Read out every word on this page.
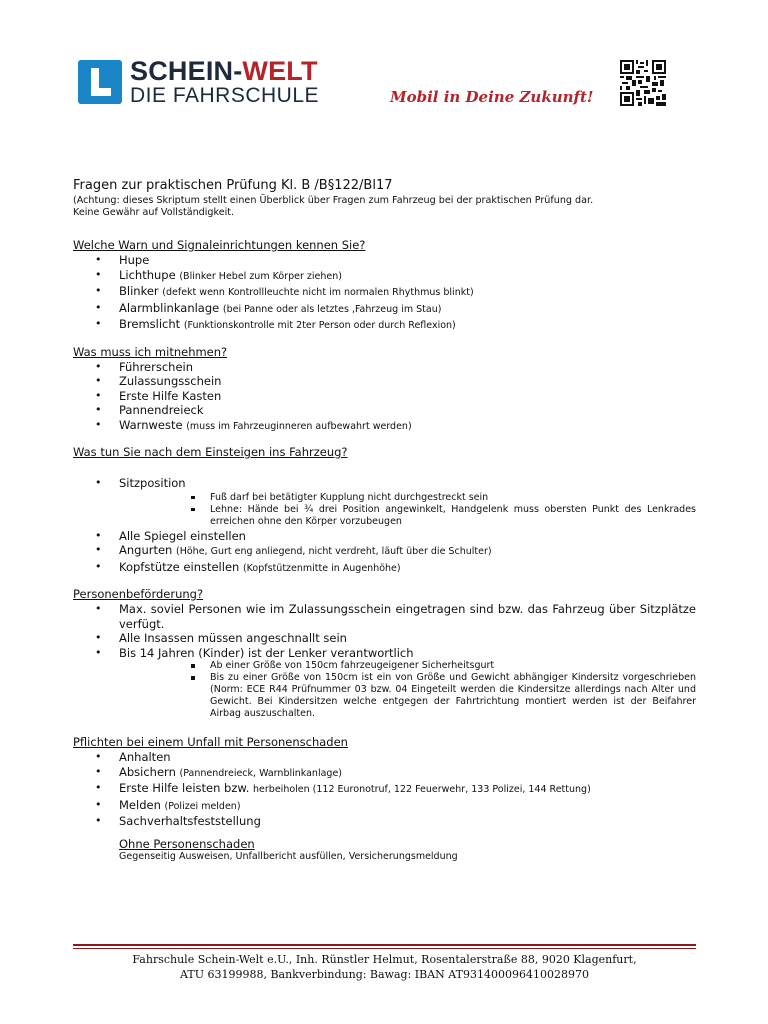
SCHEIN-WELT
DIE FAHRSCHULE	Mobil in Deine Zukunft!

Fragen zur praktischen Prüfung Kl. B /B§122/Bl17

(Achtung: dieses Skriptum stellt einen Überblick über Fragen zum Fahrzeug bei der praktischen Prüfung dar.
Keine Gewähr auf Vollständigkeit.

Welche Warn und Signaleinrichtungen kennen Sie?

• Hupe
• Lichthupe (Blinker Hebel zum Körper ziehen)
• Blinker (defekt wenn Kontrollleuchte nicht im normalen Rhythmus blinkt)
• Alarmblinkanlage (bei Panne oder als letztes ,Fahrzeug im Stau)
• Bremslicht (Funktionskontrolle mit 2ter Person oder durch Reflexion)

Was muss ich mitnehmen?

• Führerschein
• Zulassungsschein
• Erste Hilfe Kasten
• Pannendreieck
• Warnweste (muss im Fahrzeuginneren aufbewahrt werden)

Was tun Sie nach dem Einsteigen ins Fahrzeug?

• Sitzposition
Fuß darf bei betätigter Kupplung nicht durchgestreckt sein
Lehne: Hände bei ¾ drei Position angewinkelt, Handgelenk muss obersten Punkt des Lenkrades erreichen ohne den Körper vorzubeugen
• Alle Spiegel einstellen
• Angurten (Höhe, Gurt eng anliegend, nicht verdreht, läuft über die Schulter)
• Kopfstütze einstellen (Kopfstützenmitte in Augenhöhe)

Personenbeförderung?

• Max. soviel Personen wie im Zulassungsschein eingetragen sind bzw. das Fahrzeug über Sitzplätze verfügt.
• Alle Insassen müssen angeschnallt sein
• Bis 14 Jahren (Kinder) ist der Lenker verantwortlich
Ab einer Größe von 150cm fahrzeugeigener Sicherheitsgurt
Bis zu einer Größe von 150cm ist ein von Größe und Gewicht abhängiger Kindersitz vorgeschrieben (Norm: ECE R44 Prüfnummer 03 bzw. 04 Eingeteilt werden die Kindersitze allerdings nach Alter und Gewicht. Bei Kindersitzen welche entgegen der Fahrtrichtung montiert werden ist der Beifahrer Airbag auszuschalten.

Pflichten bei einem Unfall mit Personenschaden

• Anhalten
• Absichern (Pannendreieck, Warnblinkanlage)
• Erste Hilfe leisten bzw. herbeiholen (112 Euronotruf, 122 Feuerwehr, 133 Polizei, 144 Rettung)
• Melden (Polizei melden)
• Sachverhaltsfeststellung

Ohne Personenschaden

Gegenseitig Ausweisen, Unfallbericht ausfüllen, Versicherungsmeldung

Fahrschule Schein-Welt e.U., Inh. Rünstler Helmut, Rosentalerstraße 88, 9020 Klagenfurt,
ATU 63199988, Bankverbindung: Bawag: IBAN AT931400096410028970
